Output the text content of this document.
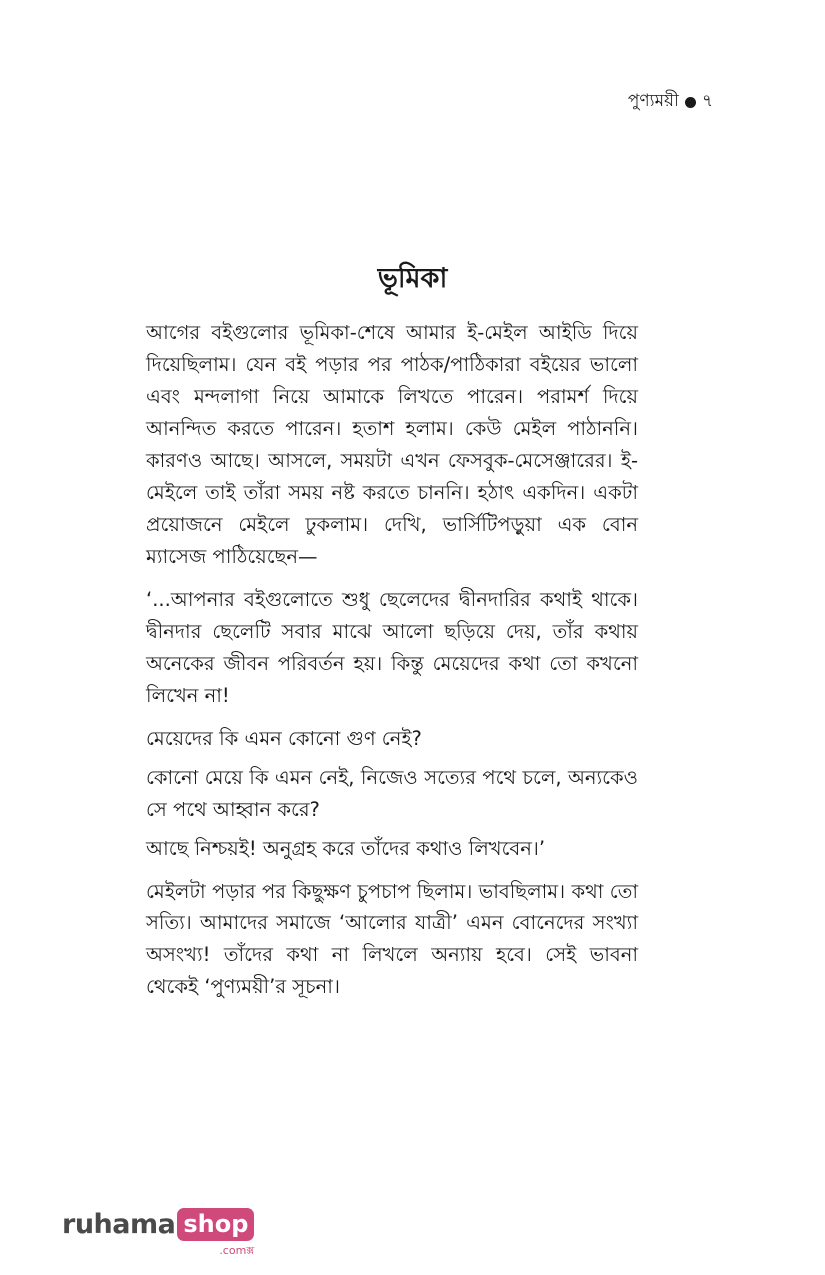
পুণ্যময়ী ৭
ভূমিকা

আগের বইগুলোর ভূমিকা-শেষে আমার ই-মেইল আইডি দিয়ে দিয়েছিলাম। যেন বই পড়ার পর পাঠক/পাঠিকারা বইয়ের ভালো এবং মন্দলাগা নিয়ে আমাকে লিখতে পারেন। পরামর্শ দিয়ে আনন্দিত করতে পারেন। হতাশ হলাম। কেউ মেইল পাঠাননি। কারণও আছে। আসলে, সময়টা এখন ফেসবুক-মেসেঞ্জারের। ই-মেইলে তাই তাঁরা সময় নষ্ট করতে চাননি। হঠাৎ একদিন। একটা প্রয়োজনে মেইলে ঢুকলাম। দেখি, ভার্সিটিপড়ুয়া এক বোন ম্যাসেজ পাঠিয়েছেন—

‘...আপনার বইগুলোতে শুধু ছেলেদের দ্বীনদারির কথাই থাকে। দ্বীনদার ছেলেটি সবার মাঝে আলো ছড়িয়ে দেয়, তাঁর কথায় অনেকের জীবন পরিবর্তন হয়। কিন্তু মেয়েদের কথা তো কখনো লিখেন না!

মেয়েদের কি এমন কোনো গুণ নেই?

কোনো মেয়ে কি এমন নেই, নিজেও সত্যের পথে চলে, অন্যকেও সে পথে আহ্বান করে?

আছে নিশ্চয়ই! অনুগ্রহ করে তাঁদের কথাও লিখবেন।’

মেইলটা পড়ার পর কিছুক্ষণ চুপচাপ ছিলাম। ভাবছিলাম। কথা তো সত্যি। আমাদের সমাজে ‘আলোর যাত্রী’ এমন বোনেদের সংখ্যা অসংখ্য! তাঁদের কথা না লিখলে অন্যায় হবে। সেই ভাবনা থেকেই ‘পুণ্যময়ী’র সূচনা।

ruhama shop
.comক্স
